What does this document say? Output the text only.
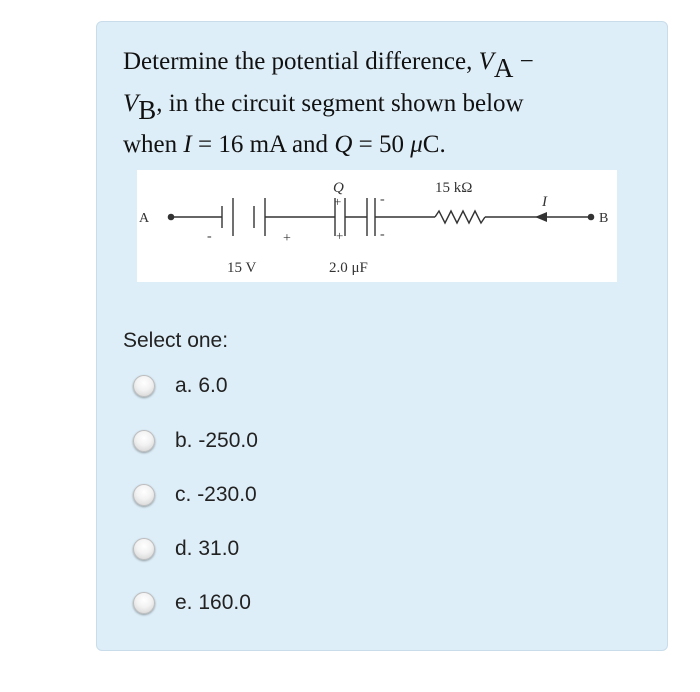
Determine the potential difference, VA −
VB, in the circuit segment shown below
when I = 16 mA and Q = 50 μC.
A	B
15 V
-	+
Q
+
+
-
-
2.0 μF
15 kΩ
I
Select one:
a. 6.0
b. -250.0
c. -230.0
d. 31.0
e. 160.0
